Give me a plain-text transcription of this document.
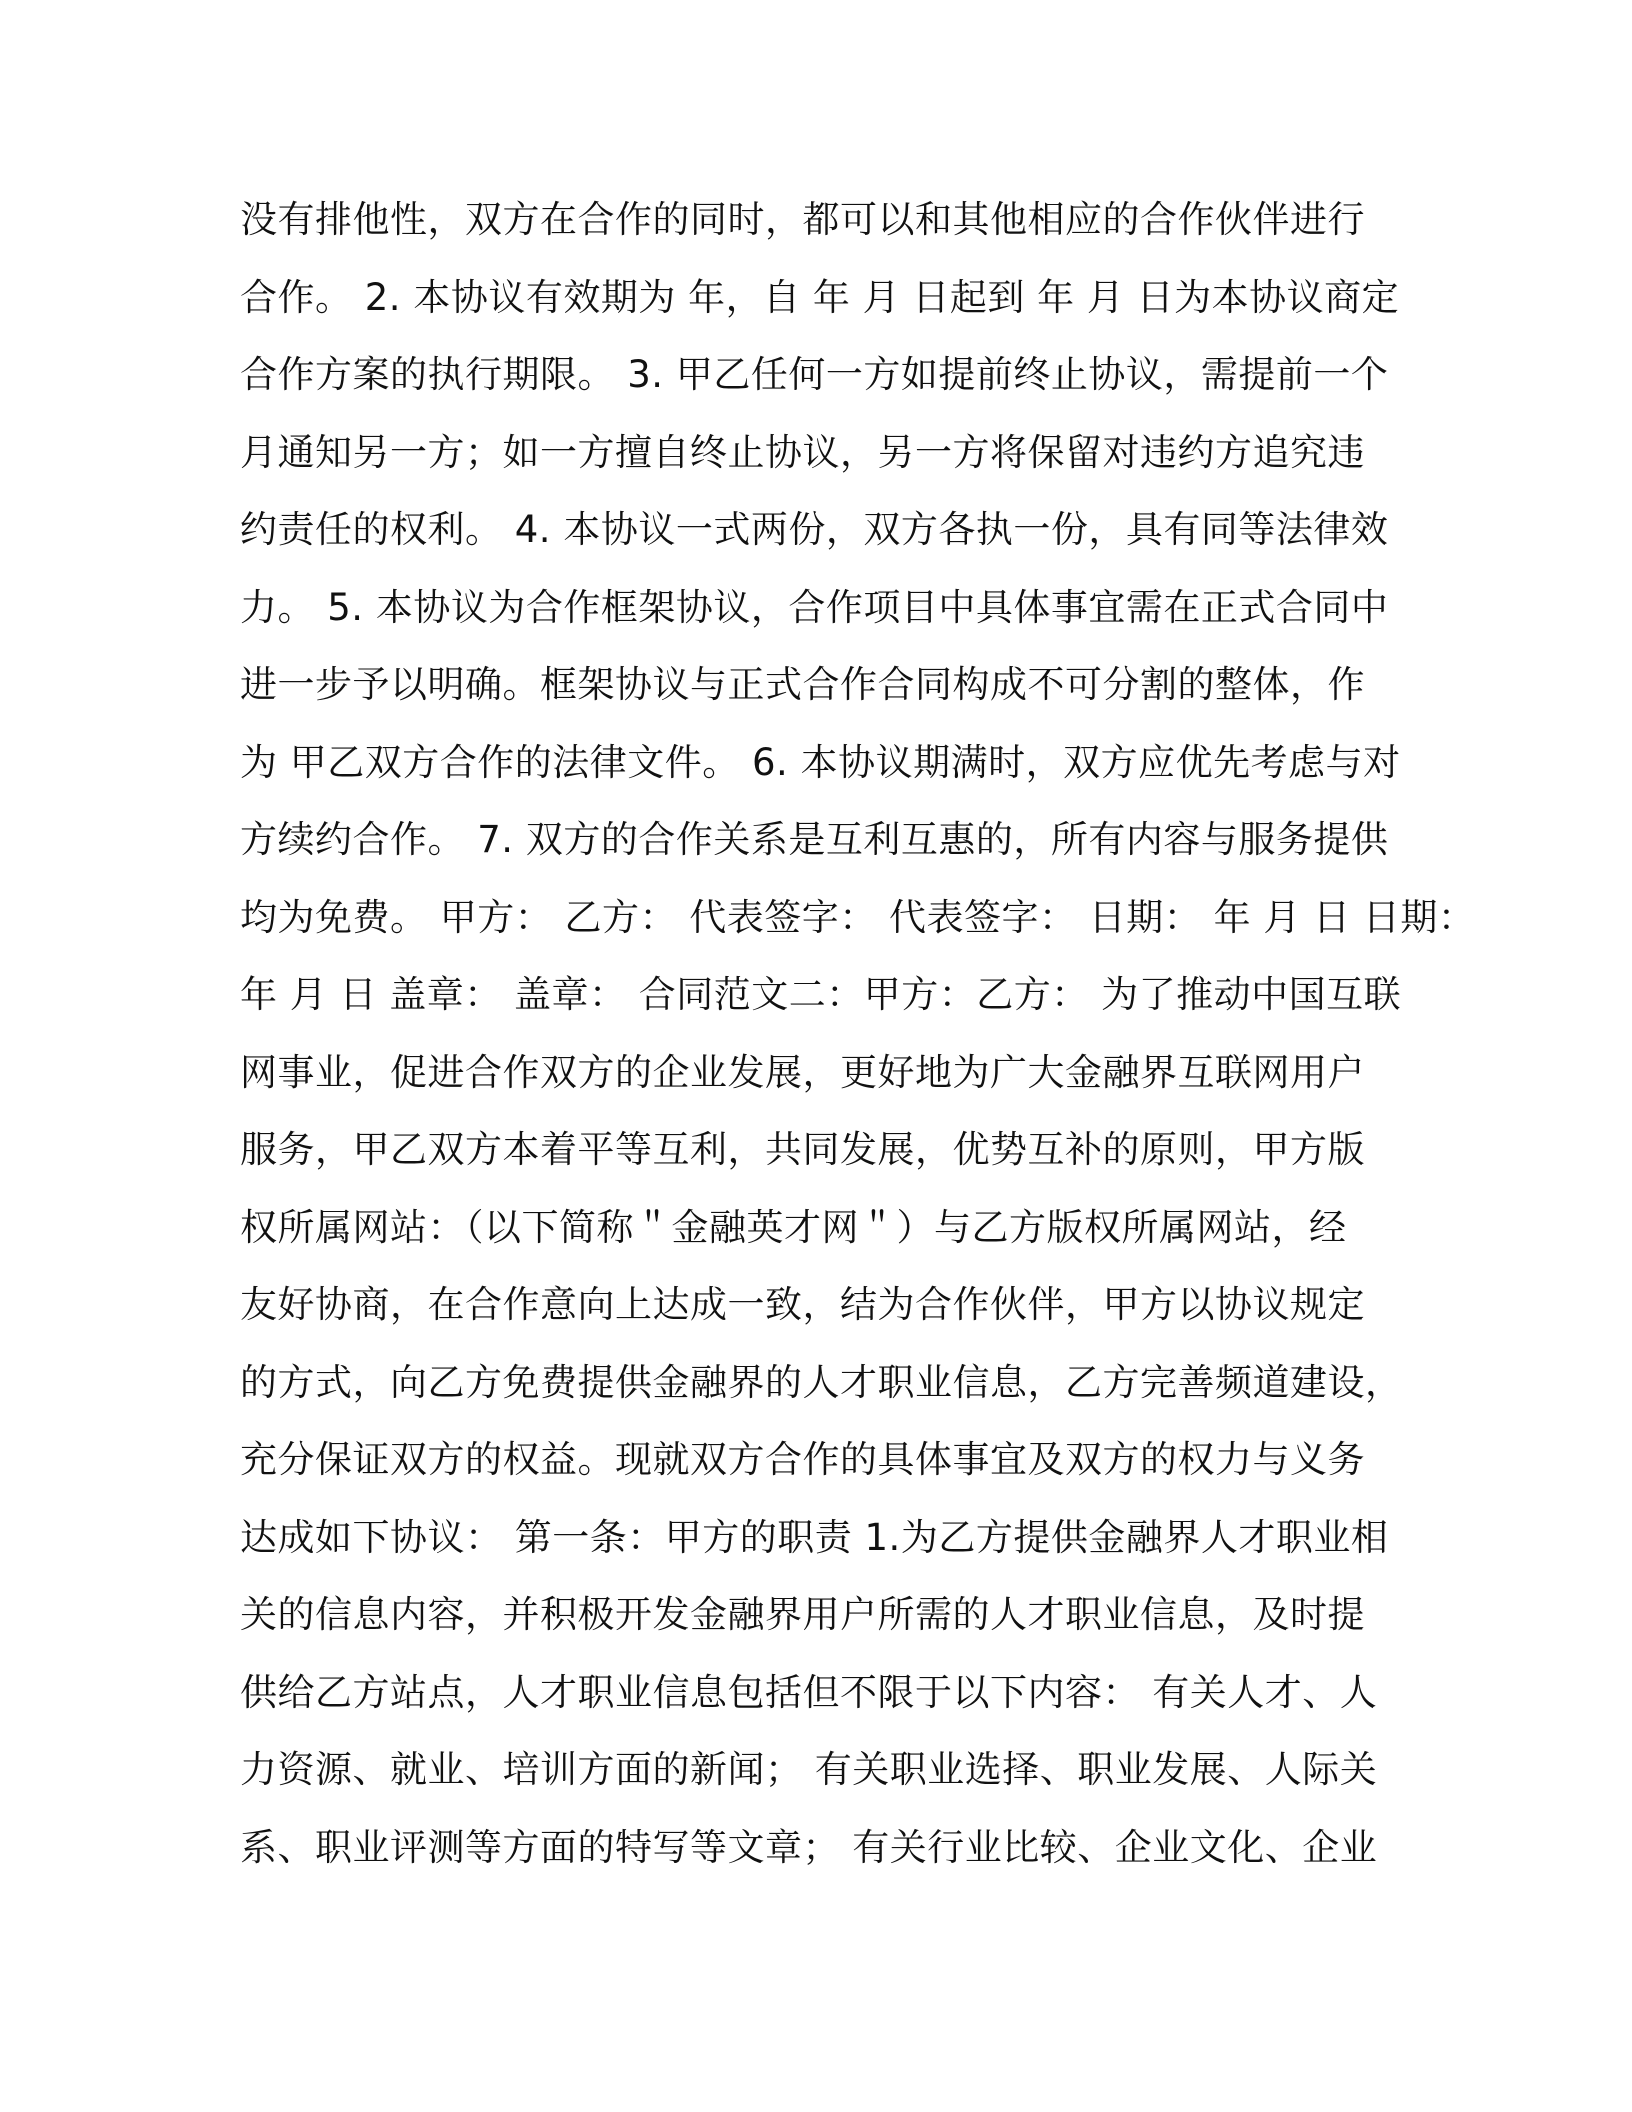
没有排他性，双方在合作的同时，都可以和其他相应的合作伙伴进行
合作。 2. 本协议有效期为 年，自 年 月 日起到 年 月 日为本协议商定
合作方案的执行期限。 3. 甲乙任何一方如提前终止协议，需提前一个
月通知另一方；如一方擅自终止协议，另一方将保留对违约方追究违
约责任的权利。 4. 本协议一式两份，双方各执一份，具有同等法律效
力。 5. 本协议为合作框架协议，合作项目中具体事宜需在正式合同中
进一步予以明确。框架协议与正式合作合同构成不可分割的整体，作
为 甲乙双方合作的法律文件。 6. 本协议期满时，双方应优先考虑与对
方续约合作。 7. 双方的合作关系是互利互惠的，所有内容与服务提供
均为免费。 甲方： 乙方： 代表签字： 代表签字： 日期： 年 月 日 日期：
年 月 日 盖章： 盖章： 合同范文二：甲方：乙方： 为了推动中国互联
网事业，促进合作双方的企业发展，更好地为广大金融界互联网用户
服务，甲乙双方本着平等互利，共同发展，优势互补的原则，甲方版
权所属网站：（以下简称＂金融英才网＂）与乙方版权所属网站，经
友好协商，在合作意向上达成一致，结为合作伙伴，甲方以协议规定
的方式，向乙方免费提供金融界的人才职业信息，乙方完善频道建设，
充分保证双方的权益。现就双方合作的具体事宜及双方的权力与义务
达成如下协议： 第一条：甲方的职责 1.为乙方提供金融界人才职业相
关的信息内容，并积极开发金融界用户所需的人才职业信息，及时提
供给乙方站点，人才职业信息包括但不限于以下内容： 有关人才、人
力资源、就业、培训方面的新闻； 有关职业选择、职业发展、人际关
系、职业评测等方面的特写等文章； 有关行业比较、企业文化、企业
